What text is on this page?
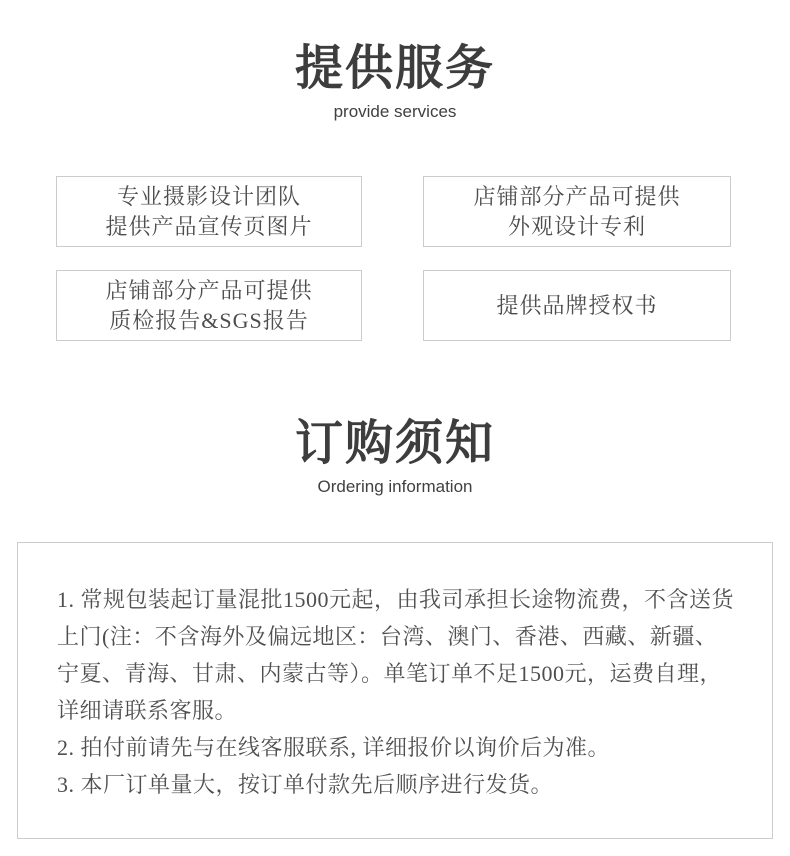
提供服务
provide services
专业摄影设计团队
提供产品宣传页图片
店铺部分产品可提供
外观设计专利
店铺部分产品可提供
质检报告&SGS报告
提供品牌授权书
订购须知
Ordering information
1. 常规包装起订量混批1500元起，由我司承担长途物流费，不含送货
上门(注：不含海外及偏远地区：台湾、澳门、香港、西藏、新疆、
宁夏、青海、甘肃、内蒙古等）。单笔订单不足1500元，运费自理，
详细请联系客服。
2. 拍付前请先与在线客服联系, 详细报价以询价后为准。
3. 本厂订单量大，按订单付款先后顺序进行发货。
